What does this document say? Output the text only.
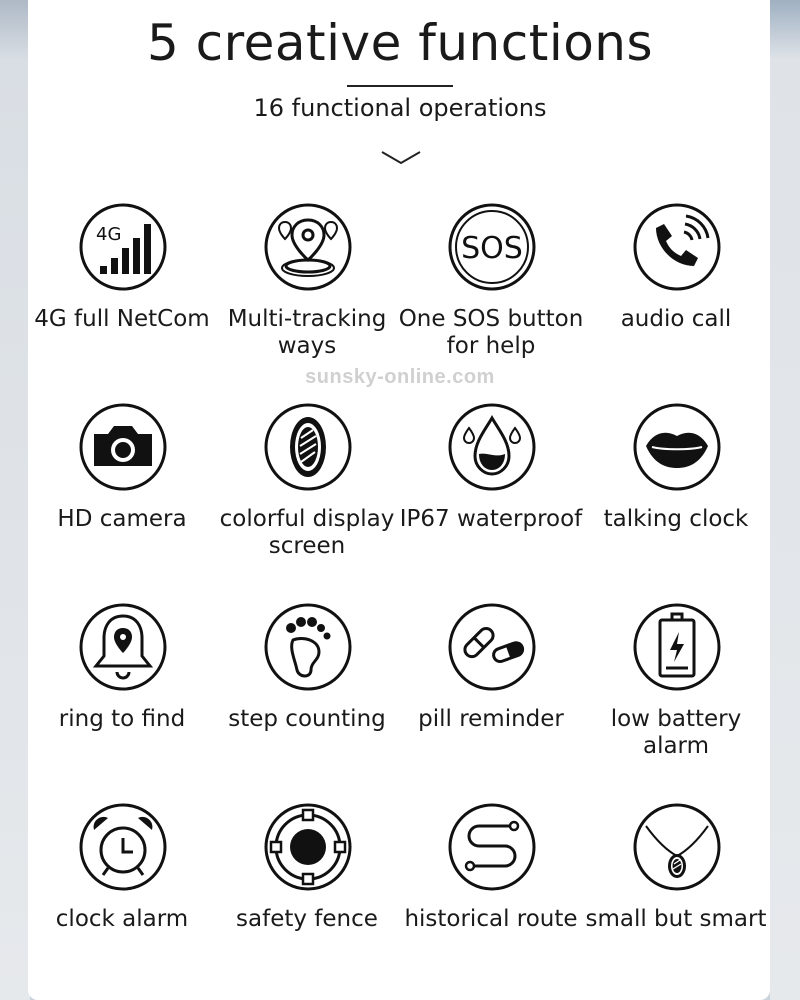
5 creative functions
16 functional operations
sunsky-online.com
4G
4G full NetCom Multi-tracking
ways
SOS
One SOS button
for help
audio call
HD camera	colorful display
screen
IP67 waterproof talking clock
ring to find	step counting	pill reminder	low battery
alarm
clock alarm	safety fence	historical route small but smart
